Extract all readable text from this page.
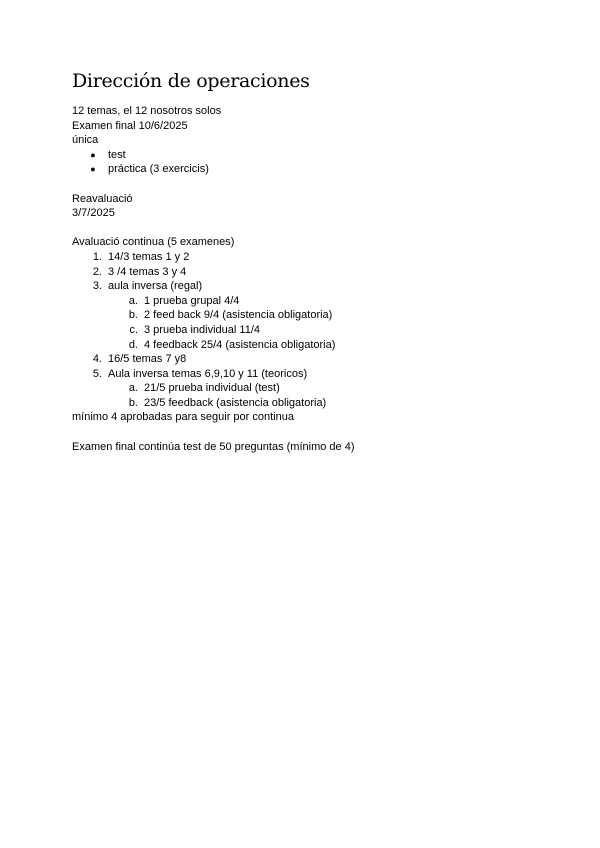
Dirección de operaciones
12 temas, el 12 nosotros solos
Examen final 10/6/2025
única
● test
● práctica (3 exercicis)
Reavaluació
3/7/2025
Avaluació continua (5 examenes)
1. 14/3 temas 1 y 2
2. 3 /4 temas 3 y 4
3. aula inversa (regal)
a. 1 prueba grupal 4/4
b. 2 feed back 9/4 (asistencia obligatoria)
c. 3 prueba individual 11/4
d. 4 feedback 25/4 (asistencia obligatoria)
4. 16/5 temas 7 y8
5. Aula inversa temas 6,9,10 y 11 (teoricos)
a. 21/5 prueba individual (test)
b. 23/5 feedback (asistencia obligatoria)
mínimo 4 aprobadas para seguir por continua
Examen final continúa test de 50 preguntas (mínimo de 4)
